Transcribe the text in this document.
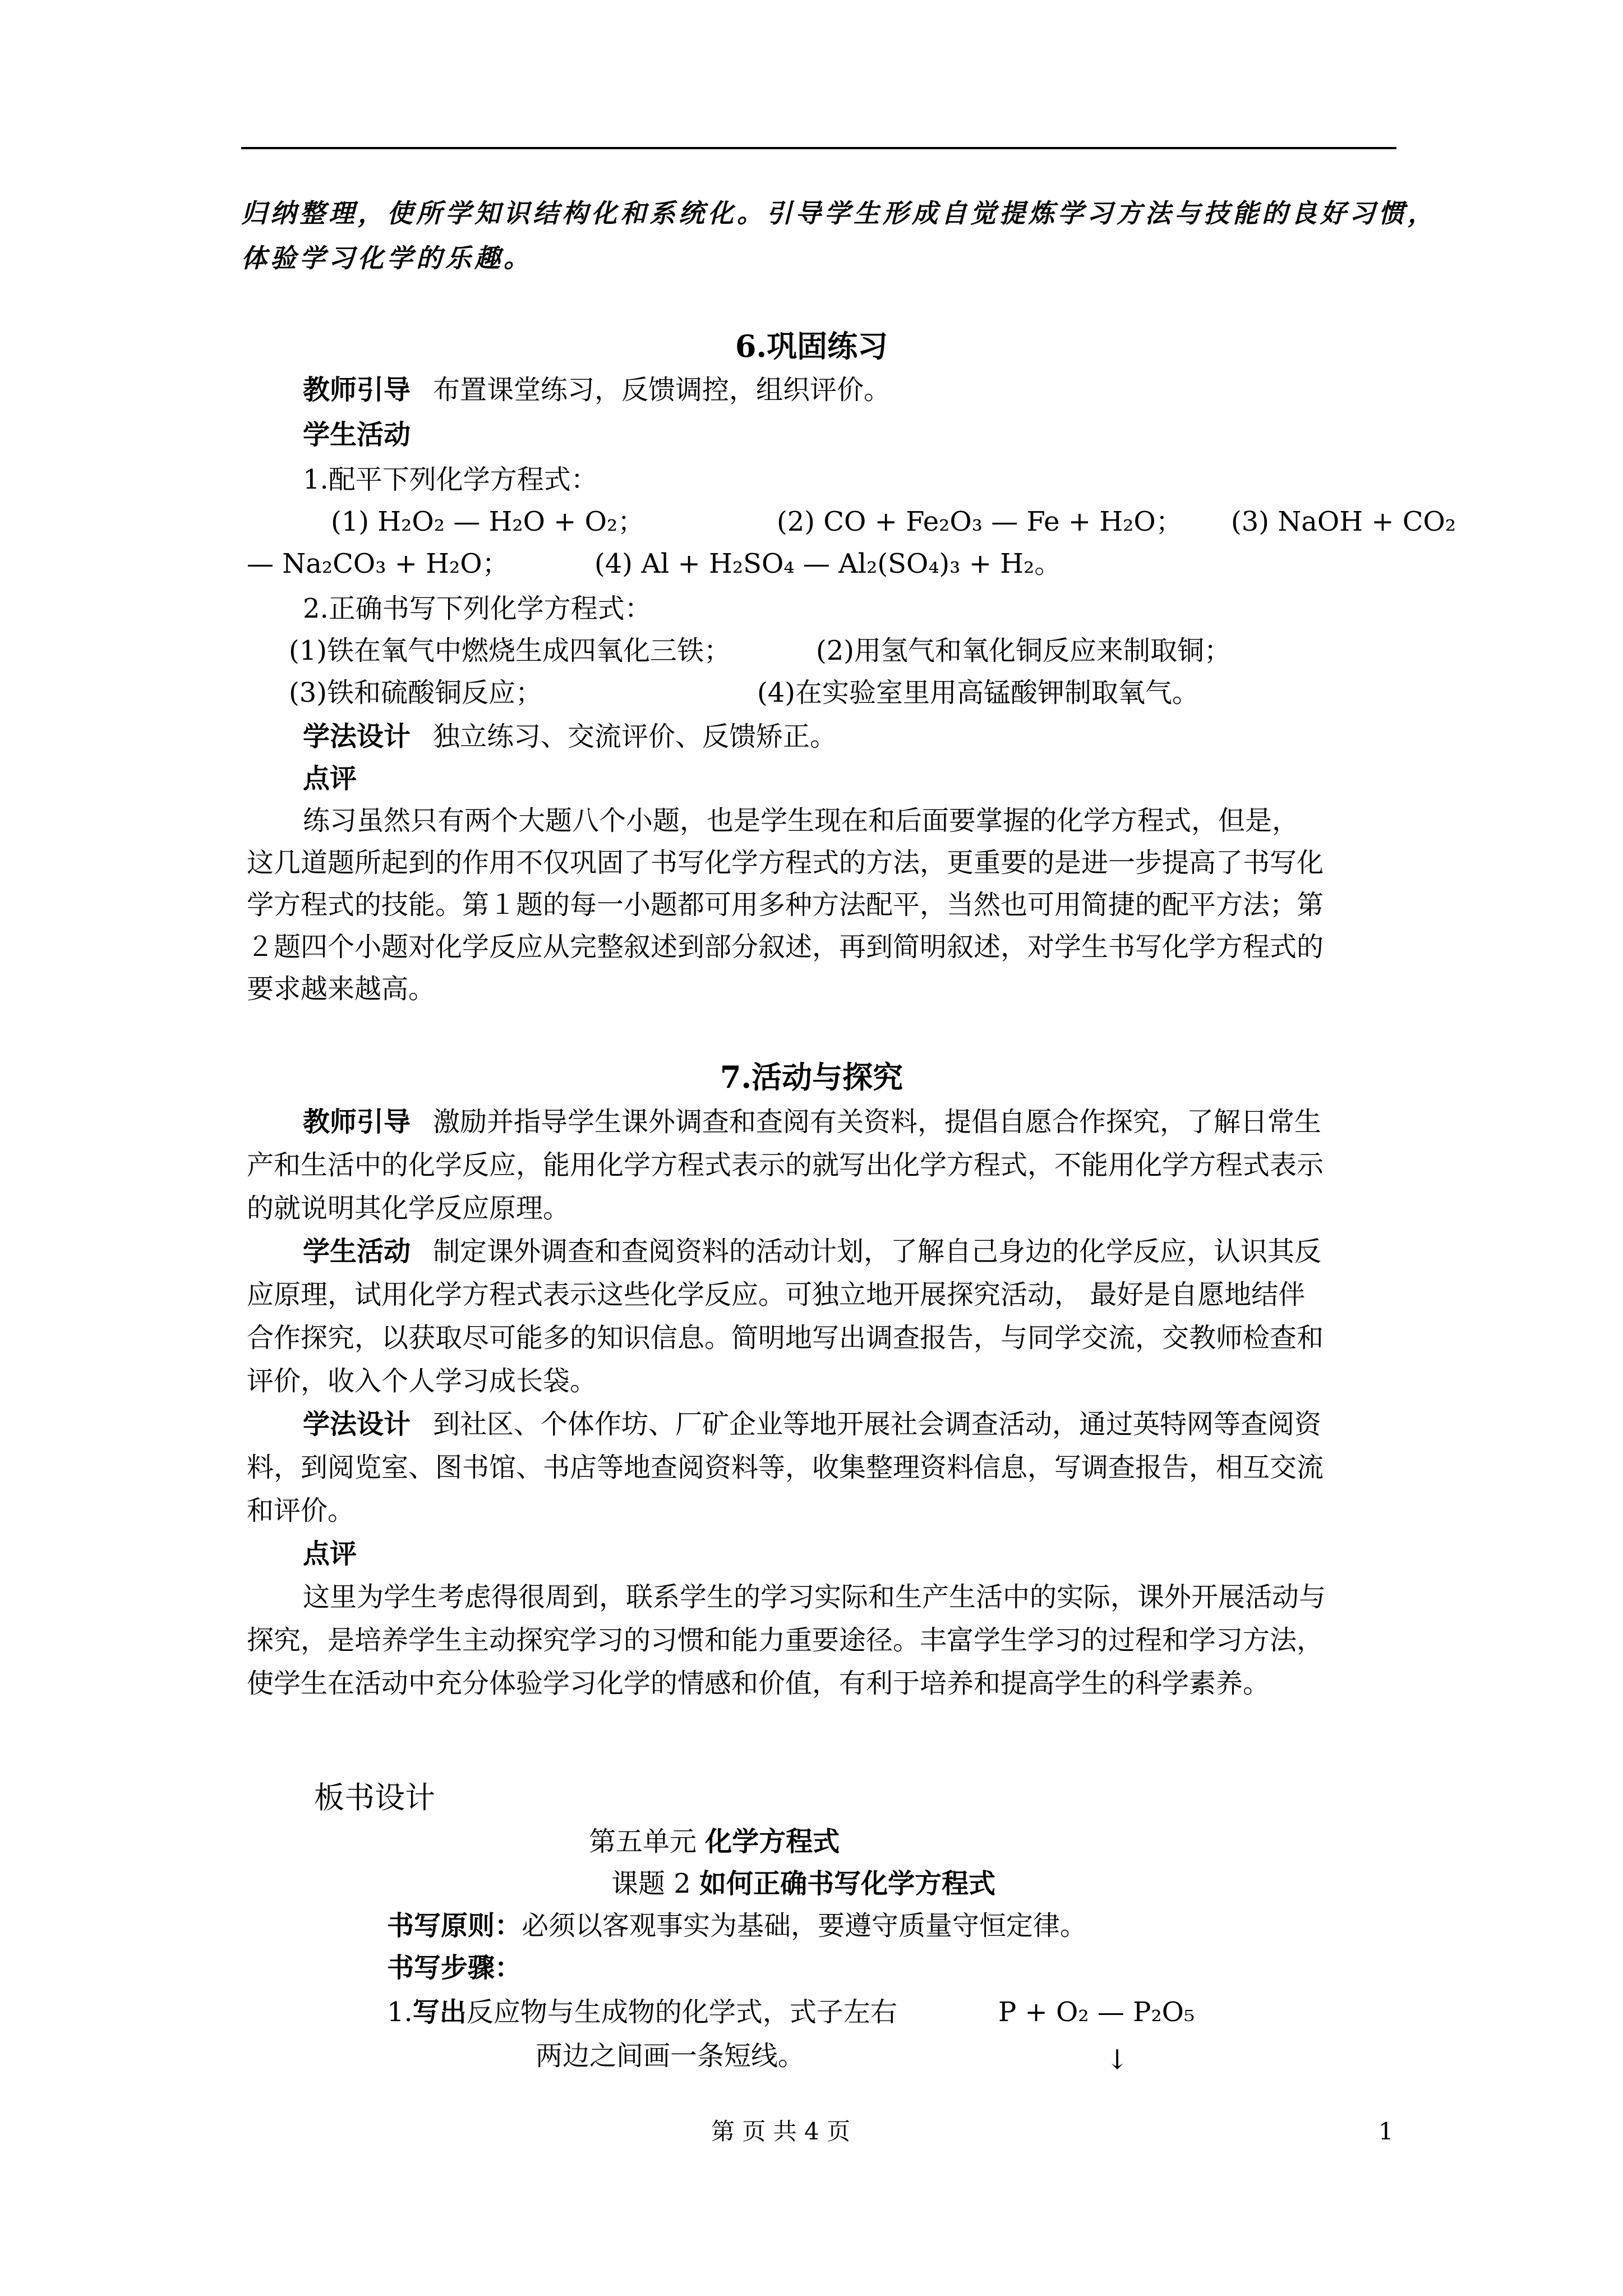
归纳整理，使所学知识结构化和系统化。引导学生形成自觉提炼学习方法与技能的良好习惯，
体验学习化学的乐趣。
6.巩固练习
教师引导 布置课堂练习，反馈调控，组织评价。
学生活动
1.配平下列化学方程式：
(1) H₂O₂ — H₂O + O₂；	(2) CO + Fe₂O₃ — Fe + H₂O； (3) NaOH + CO₂
— Na₂CO₃ + H₂O；	(4) Al + H₂SO₄ — Al₂(SO₄)₃ + H₂。
2.正确书写下列化学方程式：
(1)铁在氧气中燃烧生成四氧化三铁；	(2)用氢气和氧化铜反应来制取铜；
(3)铁和硫酸铜反应；	(4)在实验室里用高锰酸钾制取氧气。
学法设计 独立练习、交流评价、反馈矫正。
点评
练习虽然只有两个大题八个小题，也是学生现在和后面要掌握的化学方程式，但是，
这几道题所起到的作用不仅巩固了书写化学方程式的方法，更重要的是进一步提高了书写化
学方程式的技能。第１题的每一小题都可用多种方法配平，当然也可用简捷的配平方法；第
２题四个小题对化学反应从完整叙述到部分叙述，再到简明叙述，对学生书写化学方程式的
要求越来越高。
7.活动与探究
教师引导 激励并指导学生课外调查和查阅有关资料，提倡自愿合作探究，了解日常生
产和生活中的化学反应，能用化学方程式表示的就写出化学方程式，不能用化学方程式表示
的就说明其化学反应原理。
学生活动 制定课外调查和查阅资料的活动计划，了解自己身边的化学反应，认识其反
应原理，试用化学方程式表示这些化学反应。可独立地开展探究活动， 最好是自愿地结伴
合作探究，以获取尽可能多的知识信息。简明地写出调查报告，与同学交流，交教师检查和
评价，收入个人学习成长袋。
学法设计 到社区、个体作坊、厂矿企业等地开展社会调查活动，通过英特网等查阅资
料，到阅览室、图书馆、书店等地查阅资料等，收集整理资料信息，写调查报告，相互交流
和评价。
点评
这里为学生考虑得很周到，联系学生的学习实际和生产生活中的实际，课外开展活动与
探究，是培养学生主动探究学习的习惯和能力重要途径。丰富学生学习的过程和学习方法，
使学生在活动中充分体验学习化学的情感和价值，有利于培养和提高学生的科学素养。
板书设计
第五单元 化学方程式
课题 2 如何正确书写化学方程式
书写原则：必须以客观事实为基础，要遵守质量守恒定律。
书写步骤：
1.写出反应物与生成物的化学式，式子左右	P + O₂ — P₂O₅
两边之间画一条短线。	↓
第 页 共 4 页	1
